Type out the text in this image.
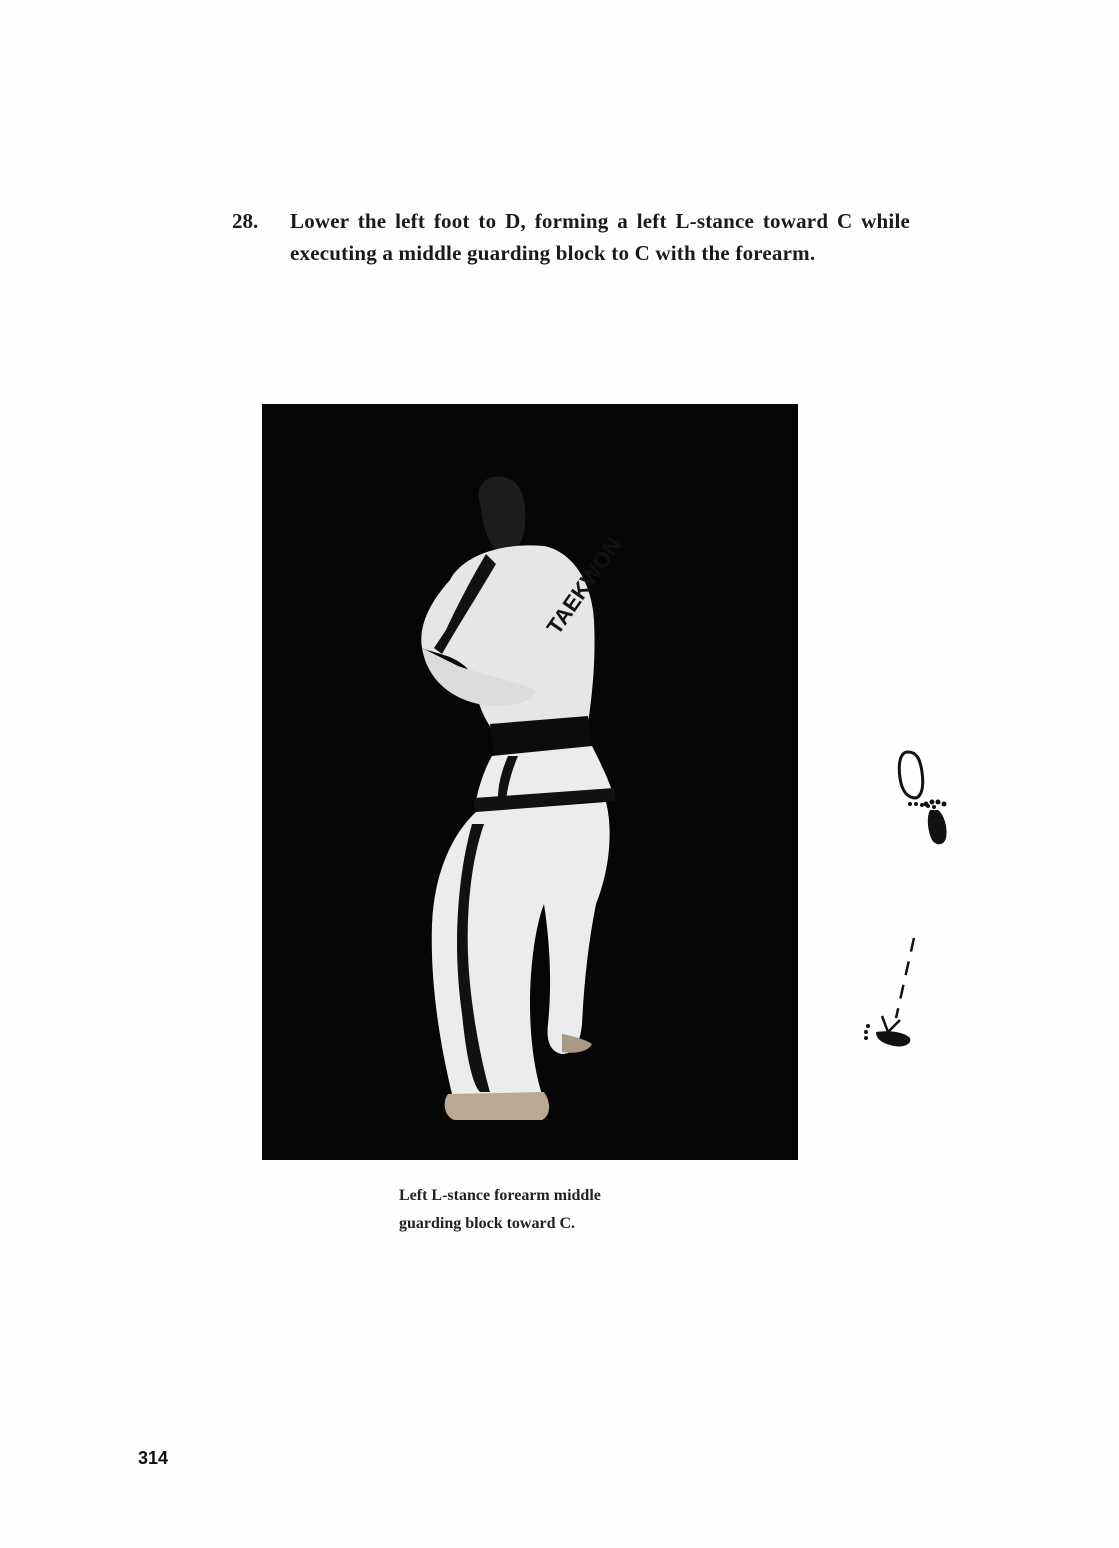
28. Lower the left foot to D, forming a left L-stance toward C while executing a middle guarding block to C with the forearm.

TAEKWON
Left L-stance forearm middle
guarding block toward C.
314
